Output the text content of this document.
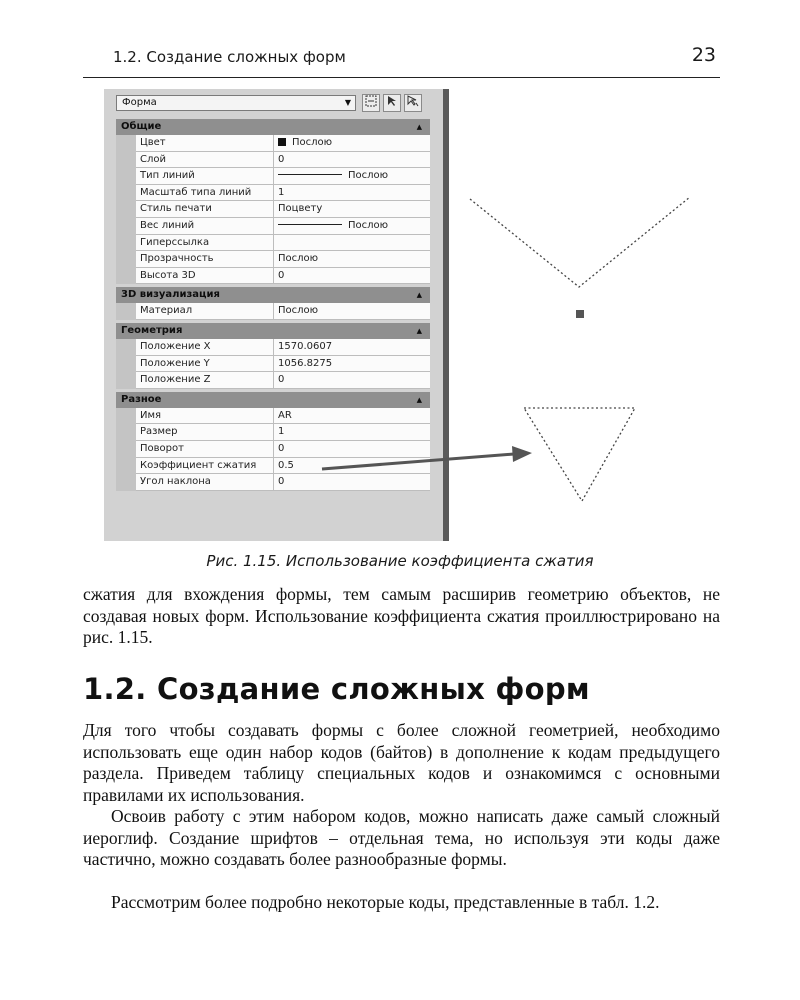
1.2. Создание сложных форм	23
Форма	▼
Общие	▲
Цвет	Послою
Слой	0
Тип линий	Послою
Масштаб типа линий	1
Стиль печати	Поцвету
Вес линий	Послою
Гиперссылка
Прозрачность	Послою
Высота 3D	0
3D визуализация	▲
Материал	Послою
Геометрия	▲
Положение X	1570.0607
Положение Y	1056.8275
Положение Z	0
Разное	▲
Имя	AR
Размер	1
Поворот	0
Коэффициент сжатия	0.5
Угол наклона	0
Рис. 1.15. Использование коэффициента сжатия
сжатия для вхождения формы, тем самым расширив геометрию объектов, не создавая новых форм. Использование коэффициента сжатия проиллюстрировано на рис. 1.15.
1.2. Создание сложных форм
Для того чтобы создавать формы с более сложной геометрией, необходимо использовать еще один набор кодов (байтов) в дополнение к кодам предыдущего раздела. Приведем таблицу специальных кодов и ознакомимся с основными правилами их использования.
Освоив работу с этим набором кодов, можно написать даже самый сложный иероглиф. Создание шрифтов – отдельная тема, но используя эти коды даже частично, можно создавать более разнообразные формы.
Рассмотрим более подробно некоторые коды, представленные в табл. 1.2.
